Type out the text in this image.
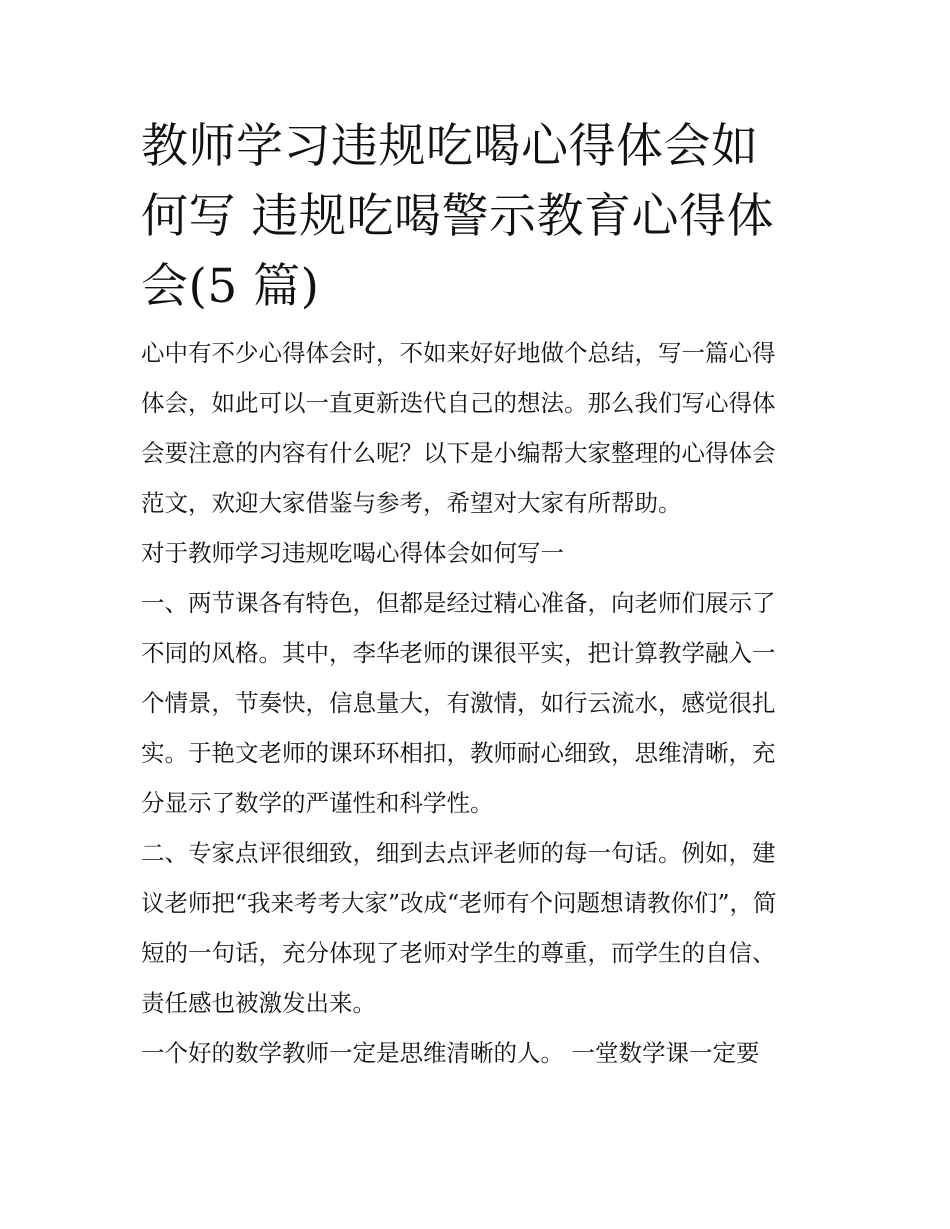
教师学习违规吃喝心得体会如
何写 违规吃喝警示教育心得体
会(5 篇)

心中有不少心得体会时，不如来好好地做个总结，写一篇心得
体会，如此可以一直更新迭代自己的想法。那么我们写心得体
会要注意的内容有什么呢？以下是小编帮大家整理的心得体会
范文，欢迎大家借鉴与参考，希望对大家有所帮助。

对于教师学习违规吃喝心得体会如何写一

一、两节课各有特色，但都是经过精心准备，向老师们展示了
不同的风格。其中，李华老师的课很平实，把计算教学融入一
个情景，节奏快，信息量大，有激情，如行云流水，感觉很扎
实。于艳文老师的课环环相扣，教师耐心细致，思维清晰，充
分显示了数学的严谨性和科学性。

二、专家点评很细致，细到去点评老师的每一句话。例如，建
议老师把“我来考考大家”改成“老师有个问题想请教你们”，简
短的一句话，充分体现了老师对学生的尊重，而学生的自信、
责任感也被激发出来。

一个好的数学教师一定是思维清晰的人。 一堂数学课一定要
